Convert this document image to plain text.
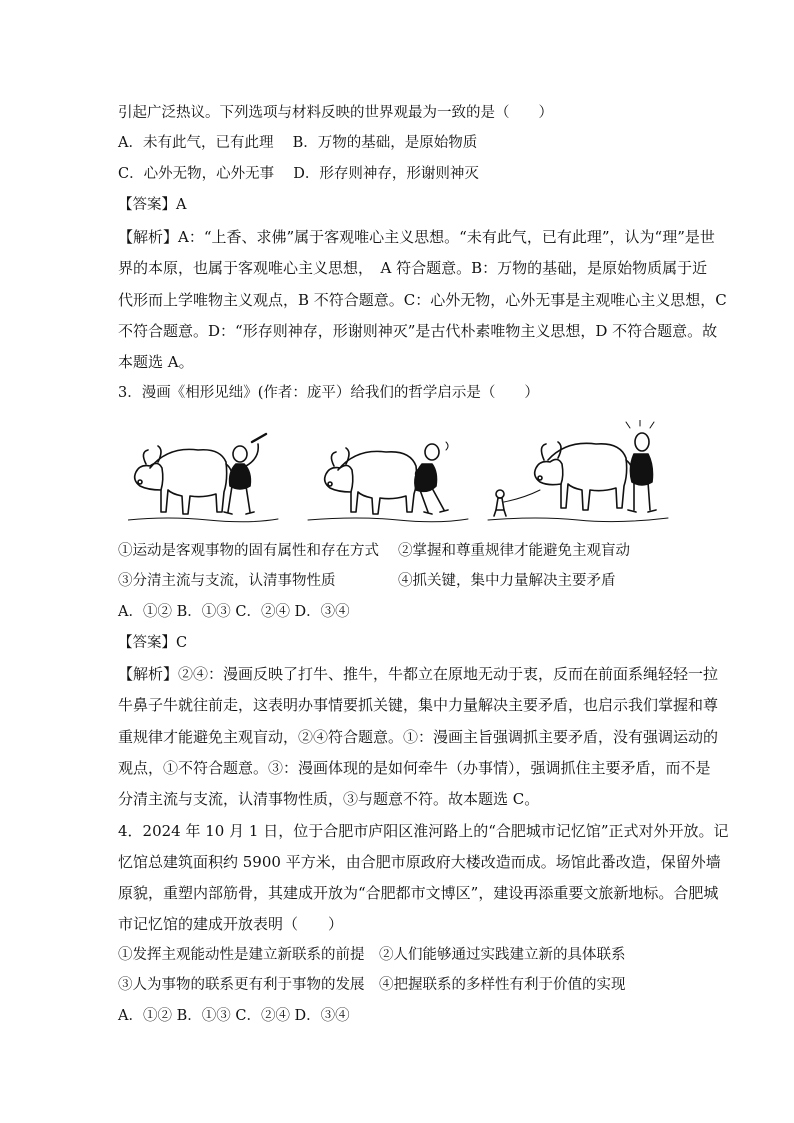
引起广泛热议。下列选项与材料反映的世界观最为一致的是（　　）
A．未有此气，已有此理　 B．万物的基础，是原始物质
C．心外无物，心外无事　 D．形存则神存，形谢则神灭
【答案】A
【解析】A：“上香、求佛”属于客观唯心主义思想。“未有此气，已有此理”，认为“理”是世
界的本原，也属于客观唯心主义思想，　A 符合题意。B：万物的基础，是原始物质属于近
代形而上学唯物主义观点，B 不符合题意。C：心外无物，心外无事是主观唯心主义思想，C
不符合题意。D：“形存则神存，形谢则神灭”是古代朴素唯物主义思想，D 不符合题意。故
本题选 A。
3．漫画《相形见绌》(作者：庞平）给我们的哲学启示是（　　）
①运动是客观事物的固有属性和存在方式 ②掌握和尊重规律才能避免主观盲动
③分清主流与支流，认清事物性质	④抓关键，集中力量解决主要矛盾
A．①② B．①③ C．②④ D．③④
【答案】C
【解析】②④：漫画反映了打牛、推牛，牛都立在原地无动于衷，反而在前面系绳轻轻一拉
牛鼻子牛就往前走，这表明办事情要抓关键，集中力量解决主要矛盾，也启示我们掌握和尊
重规律才能避免主观盲动，②④符合题意。①：漫画主旨强调抓主要矛盾，没有强调运动的
观点，①不符合题意。③：漫画体现的是如何牵牛（办事情），强调抓住主要矛盾，而不是
分清主流与支流，认清事物性质，③与题意不符。故本题选 C。
4．2024 年 10 月 1 日，位于合肥市庐阳区淮河路上的“合肥城市记忆馆”正式对外开放。记
忆馆总建筑面积约 5900 平方米，由合肥市原政府大楼改造而成。场馆此番改造，保留外墙
原貌，重塑内部筋骨，其建成开放为“合肥都市文博区”，建设再添重要文旅新地标。合肥城
市记忆馆的建成开放表明（　　）
①发挥主观能动性是建立新联系的前提　②人们能够通过实践建立新的具体联系
③人为事物的联系更有利于事物的发展　④把握联系的多样性有利于价值的实现
A．①② B．①③ C．②④ D．③④
